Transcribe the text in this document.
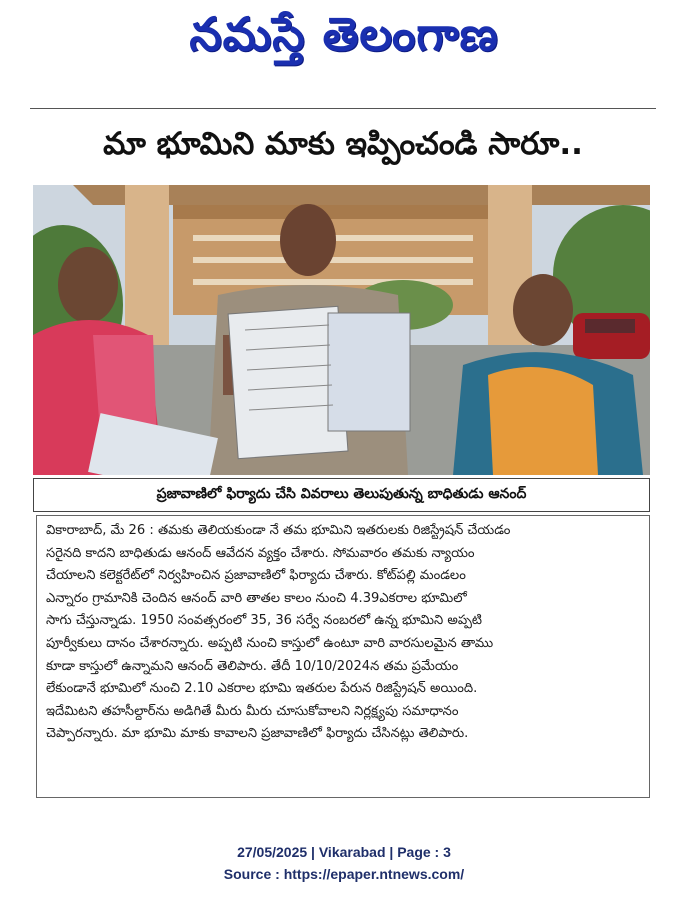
నమస్తే తెలంగాణ
మా భూమిని మాకు ఇప్పించండి సారూ..
ప్రజావాణిలో ఫిర్యాదు చేసి వివరాలు తెలుపుతున్న బాధితుడు ఆనంద్
వికారాబాద్, మే 26 : తమకు తెలియకుండా నే తమ భూమిని ఇతరులకు రిజిస్ట్రేషన్ చేయడం
సరైనది కాదని బాధితుడు ఆనంద్ ఆవేదన వ్యక్తం చేశారు. సోమవారం తమకు న్యాయం
చేయాలని కలెక్టరేట్‌లో నిర్వహించిన ప్రజావాణిలో ఫిర్యాదు చేశారు. కోట్‌పల్లి మండలం
ఎన్నారం గ్రామానికి చెందిన ఆనంద్ వారి తాతల కాలం నుంచి 4.39ఎకరాల భూమిలో
సాగు చేస్తున్నాడు. 1950 సంవత్సరంలో 35, 36 సర్వే నంబరలో ఉన్న భూమిని అప్పటి
పూర్వీకులు దానం చేశారన్నారు. అప్పటి నుంచి కాస్తులో ఉంటూ వారి వారసులమైన తాము
కూడా కాస్తులో ఉన్నామని ఆనంద్ తెలిపారు. తేదీ 10/10/2024న తమ ప్రమేయం
లేకుండానే భూమిలో నుంచి 2.10 ఎకరాల భూమి ఇతరుల పేరున రిజిస్ట్రేషన్ అయింది.
ఇదేమిటని తహసీల్దార్‌ను అడిగితే మీరు మీరు చూసుకోవాలని నిర్లక్ష్యపు సమాధానం
చెప్పారన్నారు. మా భూమి మాకు కావాలని ప్రజావాణిలో ఫిర్యాదు చేసినట్లు తెలిపారు.
27/05/2025 | Vikarabad | Page : 3
Source : https://epaper.ntnews.com/
